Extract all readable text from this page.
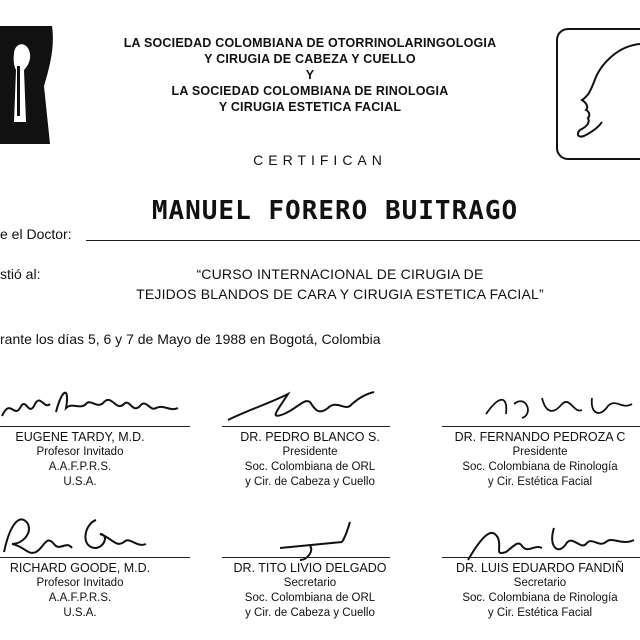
LA SOCIEDAD COLOMBIANA DE OTORRINOLARINGOLOGIA
Y CIRUGIA DE CABEZA Y CUELLO
Y
LA SOCIEDAD COLOMBIANA DE RINOLOGIA
Y CIRUGIA ESTETICA FACIAL
CERTIFICAN
MANUEL FORERO BUITRAGO
e el Doctor:
stió al:	“CURSO INTERNACIONAL DE CIRUGIA DE
TEJIDOS BLANDOS DE CARA Y CIRUGIA ESTETICA FACIAL”
rante los días 5, 6 y 7 de Mayo de 1988 en Bogotá, Colombia
EUGENE TARDY, M.D.
Profesor Invitado
A.A.F.P.R.S.
U.S.A.
DR. PEDRO BLANCO S.
Presidente
Soc. Colombiana de ORL
y Cir. de Cabeza y Cuello
DR. FERNANDO PEDROZA C
Presidente
Soc. Colombiana de Rinología
y Cir. Estética Facial
RICHARD GOODE, M.D.
Profesor Invitado
A.A.F.P.R.S.
U.S.A.
DR. TITO LIVIO DELGADO
Secretario
Soc. Colombiana de ORL
y Cir. de Cabeza y Cuello
DR. LUIS EDUARDO FANDIÑ
Secretario
Soc. Colombiana de Rinología
y Cir. Estética Facial
